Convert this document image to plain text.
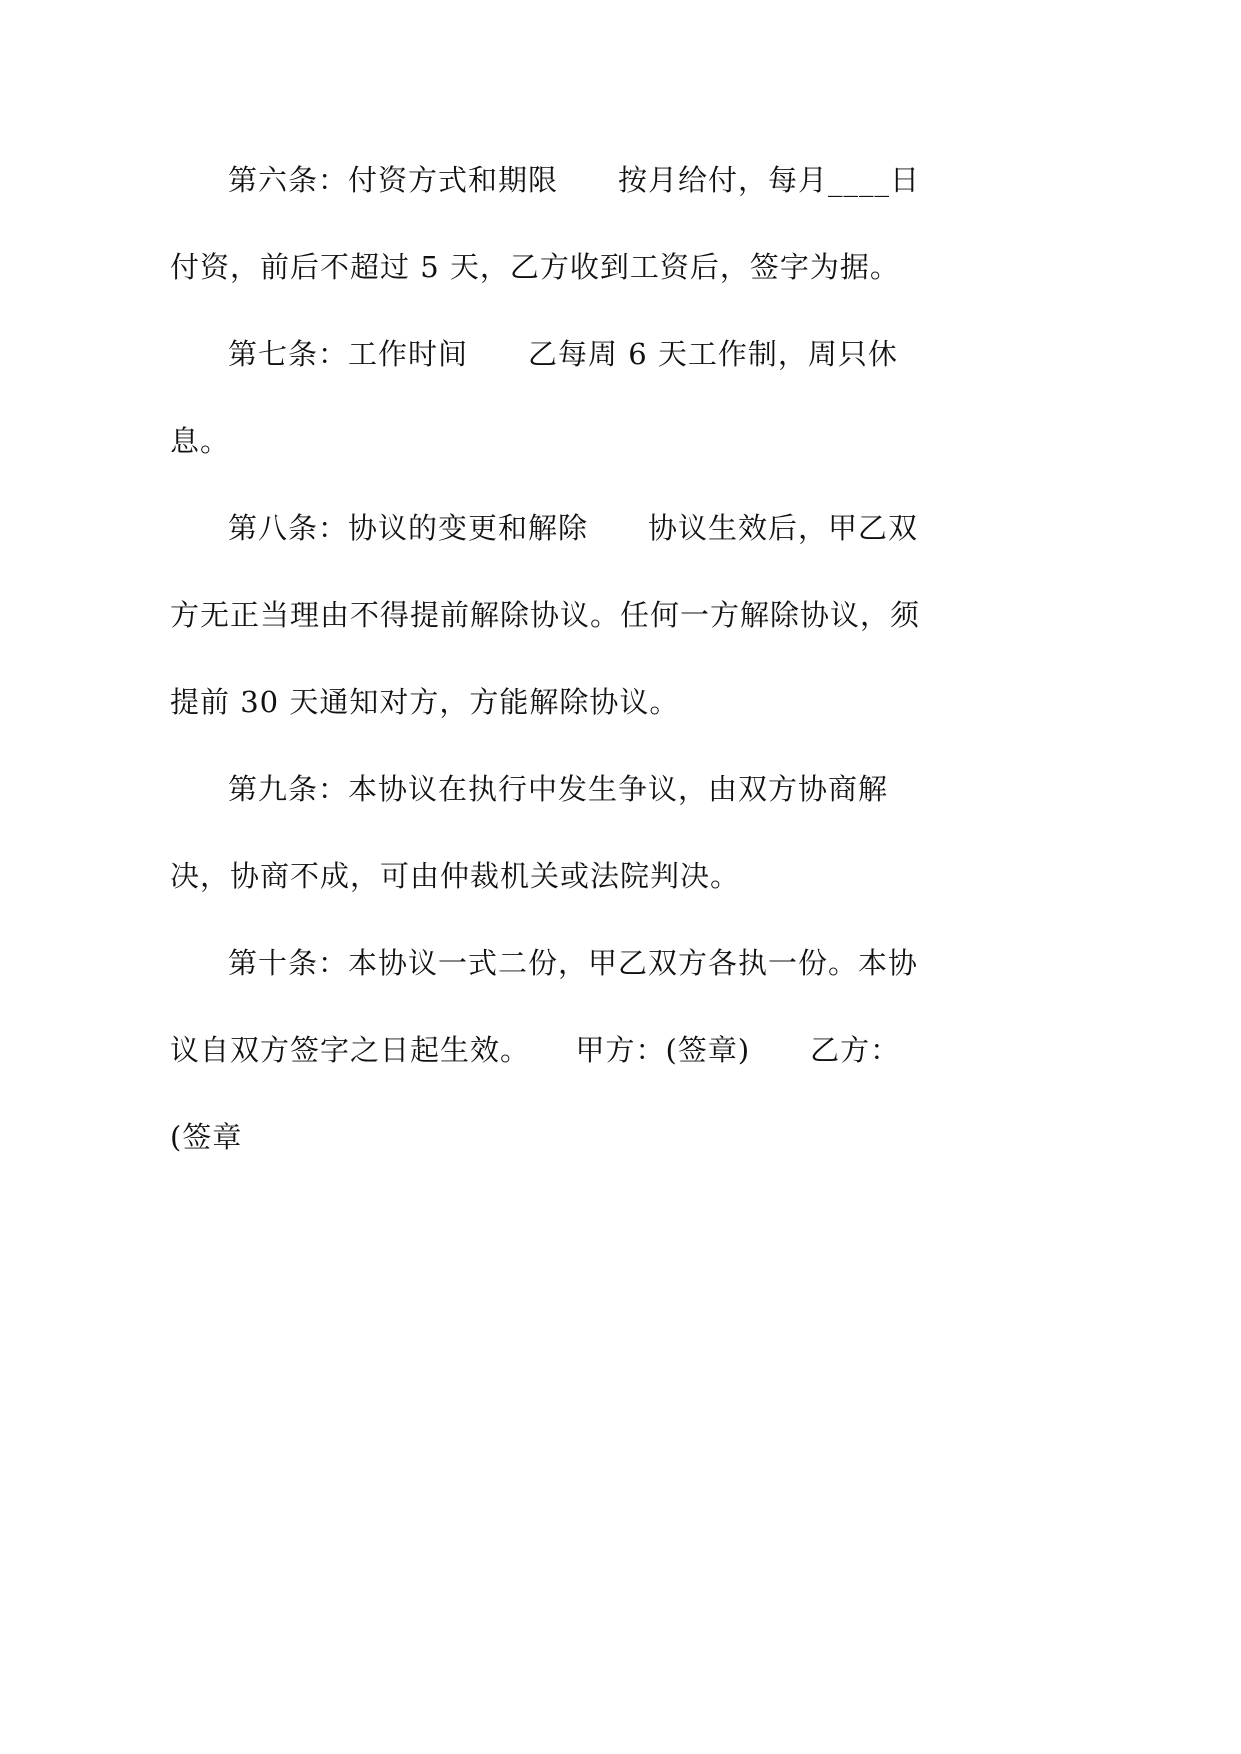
第六条：付资方式和期限　　按月给付，每月____日
付资，前后不超过 5 天，乙方收到工资后，签字为据。
第七条：工作时间　　乙每周 6 天工作制，周只休
息。
第八条：协议的变更和解除　　协议生效后，甲乙双
方无正当理由不得提前解除协议。任何一方解除协议，须
提前 30 天通知对方，方能解除协议。
第九条：本协议在执行中发生争议，由双方协商解
决，协商不成，可由仲裁机关或法院判决。
第十条：本协议一式二份，甲乙双方各执一份。本协
议自双方签字之日起生效。　　甲方：(签章)　　乙方：
(签章
